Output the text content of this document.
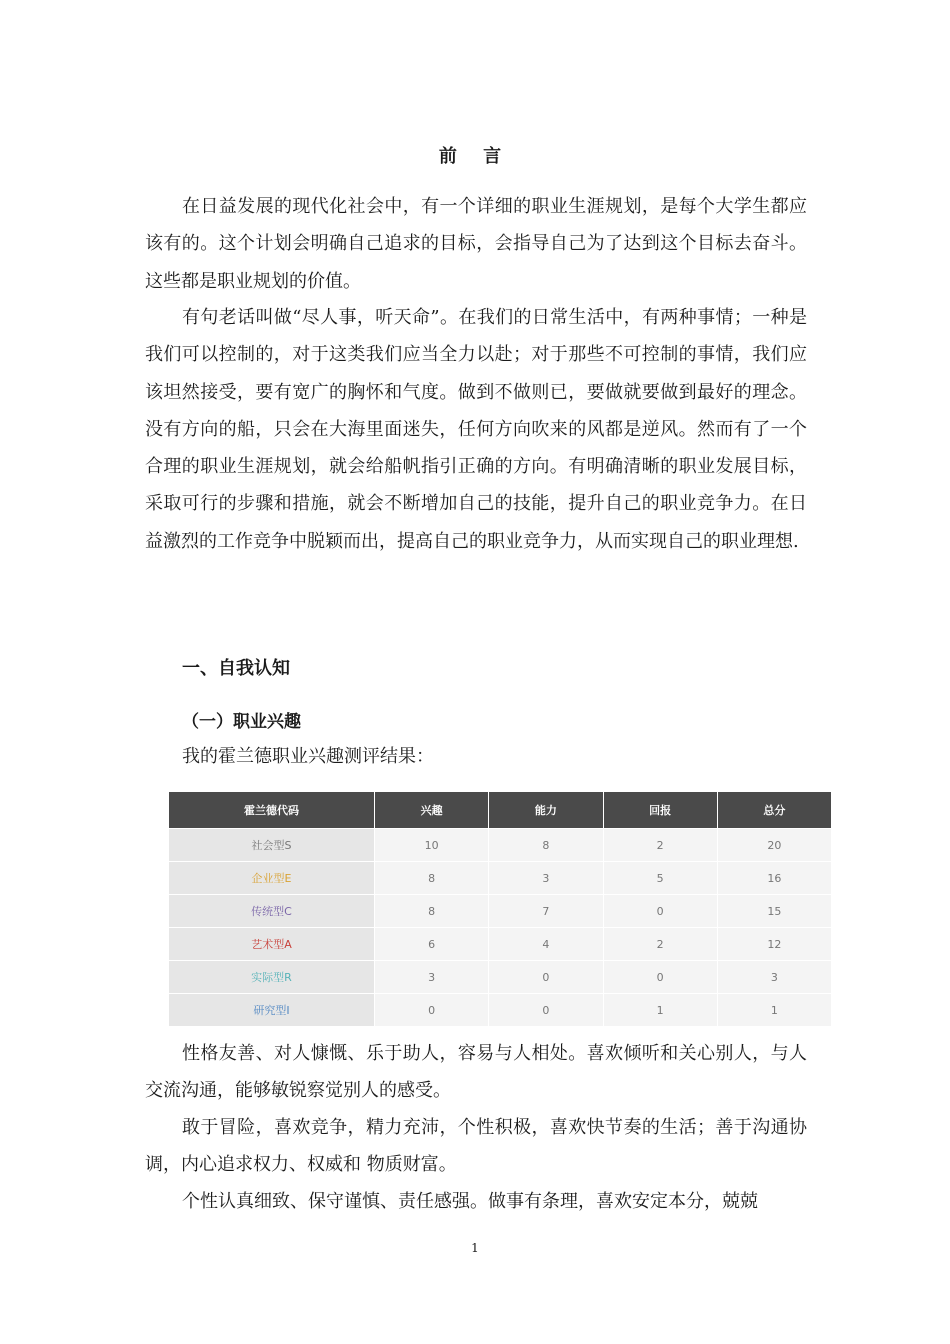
前 言

在日益发展的现代化社会中，有一个详细的职业生涯规划，是每个大学生都应该有的。这个计划会明确自己追求的目标，会指导自己为了达到这个目标去奋斗。这些都是职业规划的价值。

有句老话叫做“尽人事，听天命”。在我们的日常生活中，有两种事情；一种是我们可以控制的，对于这类我们应当全力以赴；对于那些不可控制的事情，我们应该坦然接受，要有宽广的胸怀和气度。做到不做则已，要做就要做到最好的理念。没有方向的船，只会在大海里面迷失，任何方向吹来的风都是逆风。然而有了一个合理的职业生涯规划，就会给船帆指引正确的方向。有明确清晰的职业发展目标，采取可行的步骤和措施，就会不断增加自己的技能，提升自己的职业竞争力。在日益激烈的工作竞争中脱颖而出，提高自己的职业竞争力，从而实现自己的职业理想.

一、自我认知
（一）职业兴趣

我的霍兰德职业兴趣测评结果：

霍兰德代码	兴趣	能力	回报	总分
社会型S	10	8	2	20
企业型E	8	3	5	16
传统型C	8	7	0	15
艺术型A	6	4	2	12
实际型R	3	0	0	3
研究型I	0	0	1	1

性格友善、对人慷慨、乐于助人，容易与人相处。喜欢倾听和关心别人，与人交流沟通，能够敏锐察觉别人的感受。

敢于冒险，喜欢竞争，精力充沛，个性积极，喜欢快节奏的生活；善于沟通协调，内心追求权力、权威和 物质财富。

个性认真细致、保守谨慎、责任感强。做事有条理，喜欢安定本分，兢兢

1
